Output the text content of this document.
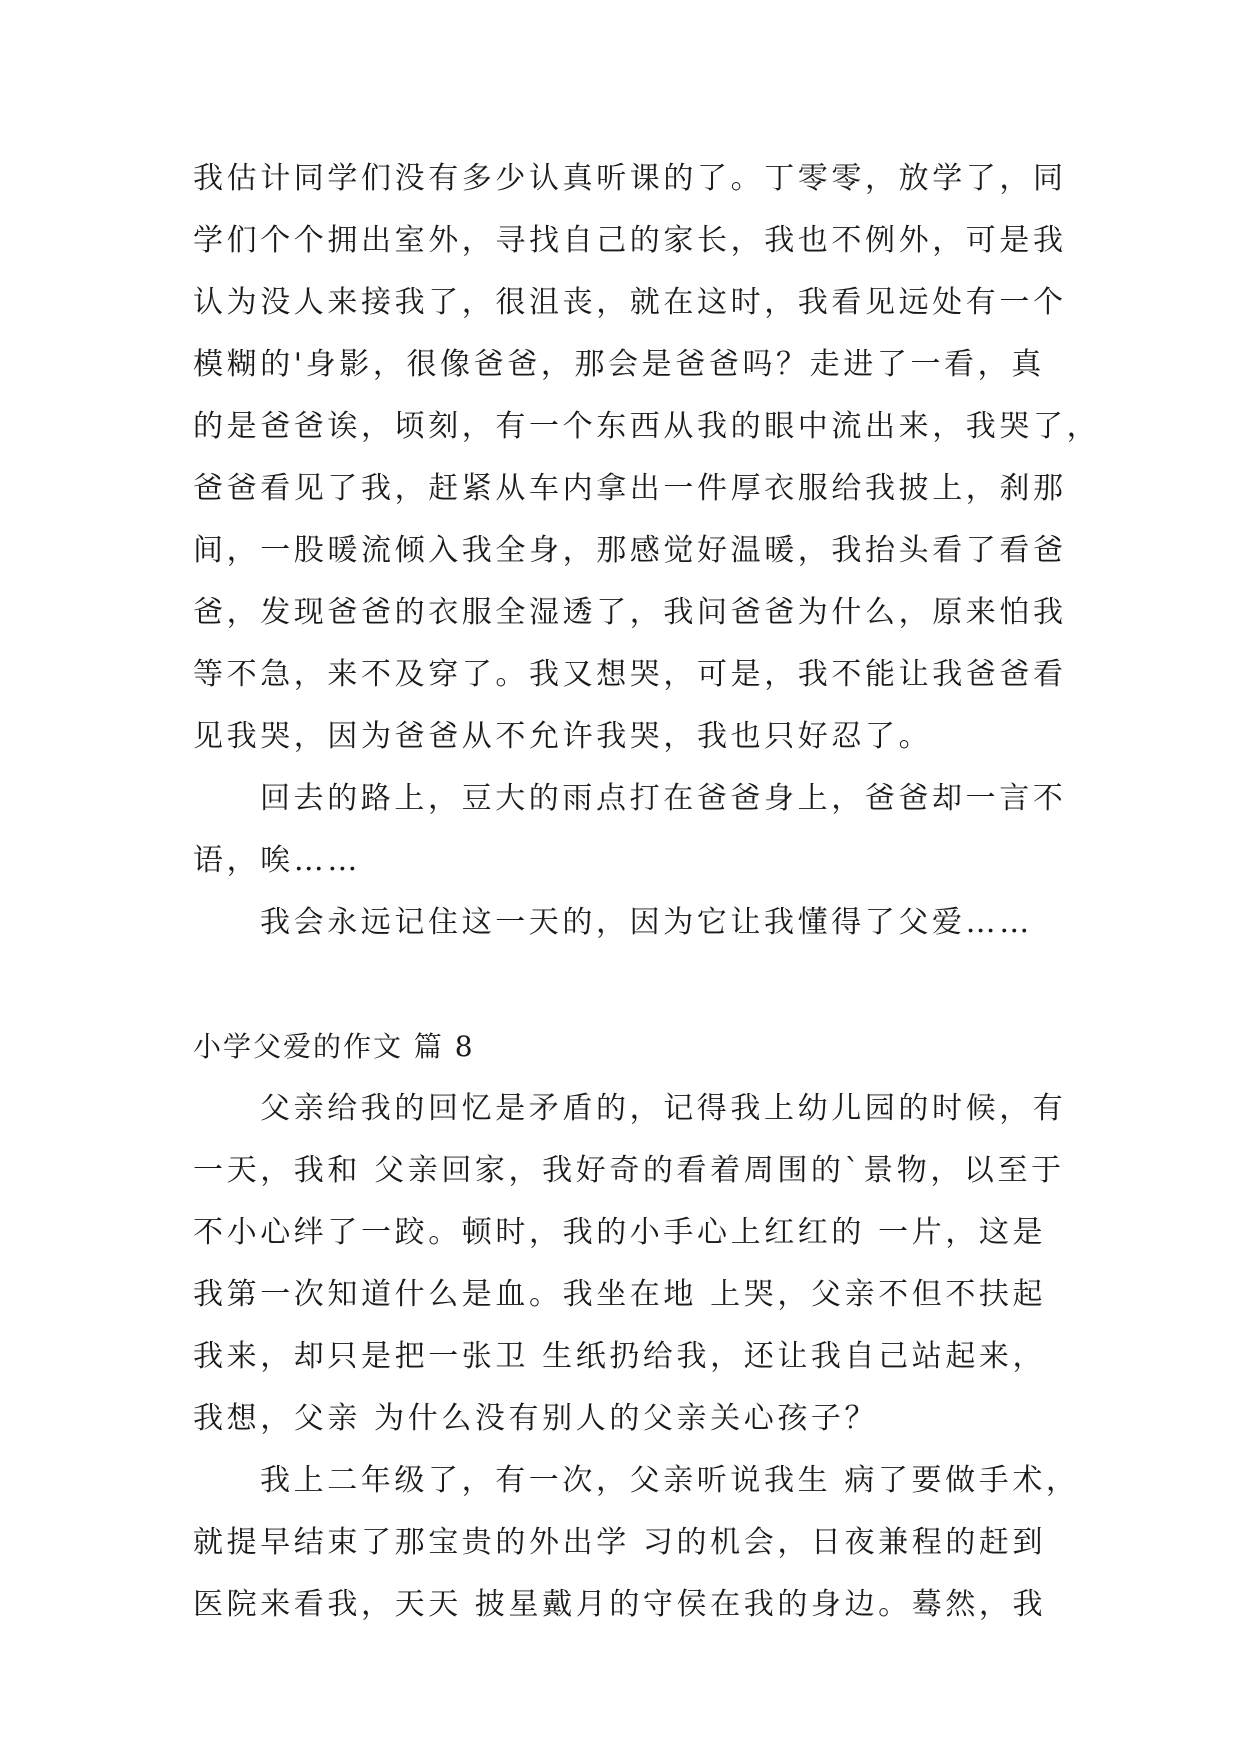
我估计同学们没有多少认真听课的了。丁零零，放学了，同
学们个个拥出室外，寻找自己的家长，我也不例外，可是我
认为没人来接我了，很沮丧，就在这时，我看见远处有一个
模糊的'身影，很像爸爸，那会是爸爸吗？走进了一看，真
的是爸爸诶，顷刻，有一个东西从我的眼中流出来，我哭了，
爸爸看见了我，赶紧从车内拿出一件厚衣服给我披上，刹那
间，一股暖流倾入我全身，那感觉好温暖，我抬头看了看爸
爸，发现爸爸的衣服全湿透了，我问爸爸为什么，原来怕我
等不急，来不及穿了。我又想哭，可是，我不能让我爸爸看
见我哭，因为爸爸从不允许我哭，我也只好忍了。
回去的路上，豆大的雨点打在爸爸身上，爸爸却一言不
语，唉……
我会永远记住这一天的，因为它让我懂得了父爱……
小学父爱的作文 篇 8
父亲给我的回忆是矛盾的，记得我上幼儿园的时候，有
一天，我和 父亲回家，我好奇的看着周围的`景物，以至于
不小心绊了一跤。顿时，我的小手心上红红的 一片，这是
我第一次知道什么是血。我坐在地 上哭，父亲不但不扶起
我来，却只是把一张卫 生纸扔给我，还让我自己站起来，
我想，父亲 为什么没有别人的父亲关心孩子？
我上二年级了，有一次，父亲听说我生 病了要做手术，
就提早结束了那宝贵的外出学 习的机会，日夜兼程的赶到
医院来看我，天天 披星戴月的守侯在我的身边。蓦然，我
